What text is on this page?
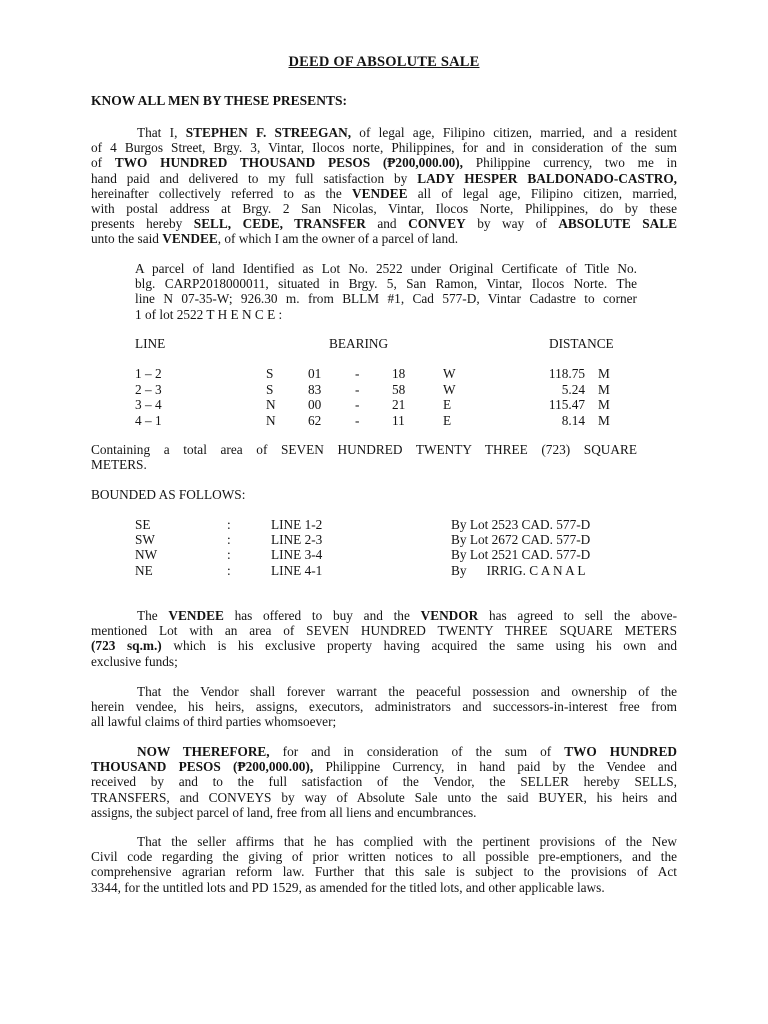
DEED OF ABSOLUTE SALE
KNOW ALL MEN BY THESE PRESENTS:
That I, STEPHEN F. STREEGAN, of legal age, Filipino citizen, married, and a resident
of 4 Burgos Street, Brgy. 3, Vintar, Ilocos norte, Philippines, for and in consideration of the sum
of TWO HUNDRED THOUSAND PESOS (₱200,000.00), Philippine currency, two me in
hand paid and delivered to my full satisfaction by LADY HESPER BALDONADO-CASTRO,
hereinafter collectively referred to as the VENDEE all of legal age, Filipino citizen, married,
with postal address at Brgy. 2 San Nicolas, Vintar, Ilocos Norte, Philippines, do by these
presents hereby SELL, CEDE, TRANSFER and CONVEY by way of ABSOLUTE SALE
unto the said VENDEE, of which I am the owner of a parcel of land.
A parcel of land Identified as Lot No. 2522 under Original Certificate of Title No.
blg. CARP2018000011, situated in Brgy. 5, San Ramon, Vintar, Ilocos Norte. The
line N 07-35-W; 926.30 m. from BLLM #1, Cad 577-D, Vintar Cadastre to corner
1 of lot 2522 T H E N C E :
LINE	BEARING	DISTANCE
1 – 2	S	01	- 18	W	118.75 M
2 – 3	S	83	- 58	W	5.24 M
3 – 4	N 00	- 21	E	115.47 M
4 – 1	N 62	- 11	E	8.14 M
Containing a total area of SEVEN HUNDRED TWENTY THREE (723) SQUARE
METERS.
BOUNDED AS FOLLOWS:
SE	:	LINE 1-2	By Lot 2523 CAD. 577-D
SW	:	LINE 2-3	By Lot 2672 CAD. 577-D
NW	:	LINE 3-4	By Lot 2521 CAD. 577-D
NE	:	LINE 4-1	By      IRRIG. C A N A L
The VENDEE has offered to buy and the VENDOR has agreed to sell the above-
mentioned Lot with an area of SEVEN HUNDRED TWENTY THREE SQUARE METERS
(723 sq.m.) which is his exclusive property having acquired the same using his own and
exclusive funds;
That the Vendor shall forever warrant the peaceful possession and ownership of the
herein vendee, his heirs, assigns, executors, administrators and successors-in-interest free from
all lawful claims of third parties whomsoever;
NOW THEREFORE, for and in consideration of the sum of TWO HUNDRED
THOUSAND PESOS (₱200,000.00), Philippine Currency, in hand paid by the Vendee and
received by and to the full satisfaction of the Vendor, the SELLER hereby SELLS,
TRANSFERS, and CONVEYS by way of Absolute Sale unto the said BUYER, his heirs and
assigns, the subject parcel of land, free from all liens and encumbrances.
That the seller affirms that he has complied with the pertinent provisions of the New
Civil code regarding the giving of prior written notices to all possible pre-emptioners, and the
comprehensive agrarian reform law. Further that this sale is subject to the provisions of Act
3344, for the untitled lots and PD 1529, as amended for the titled lots, and other applicable laws.
